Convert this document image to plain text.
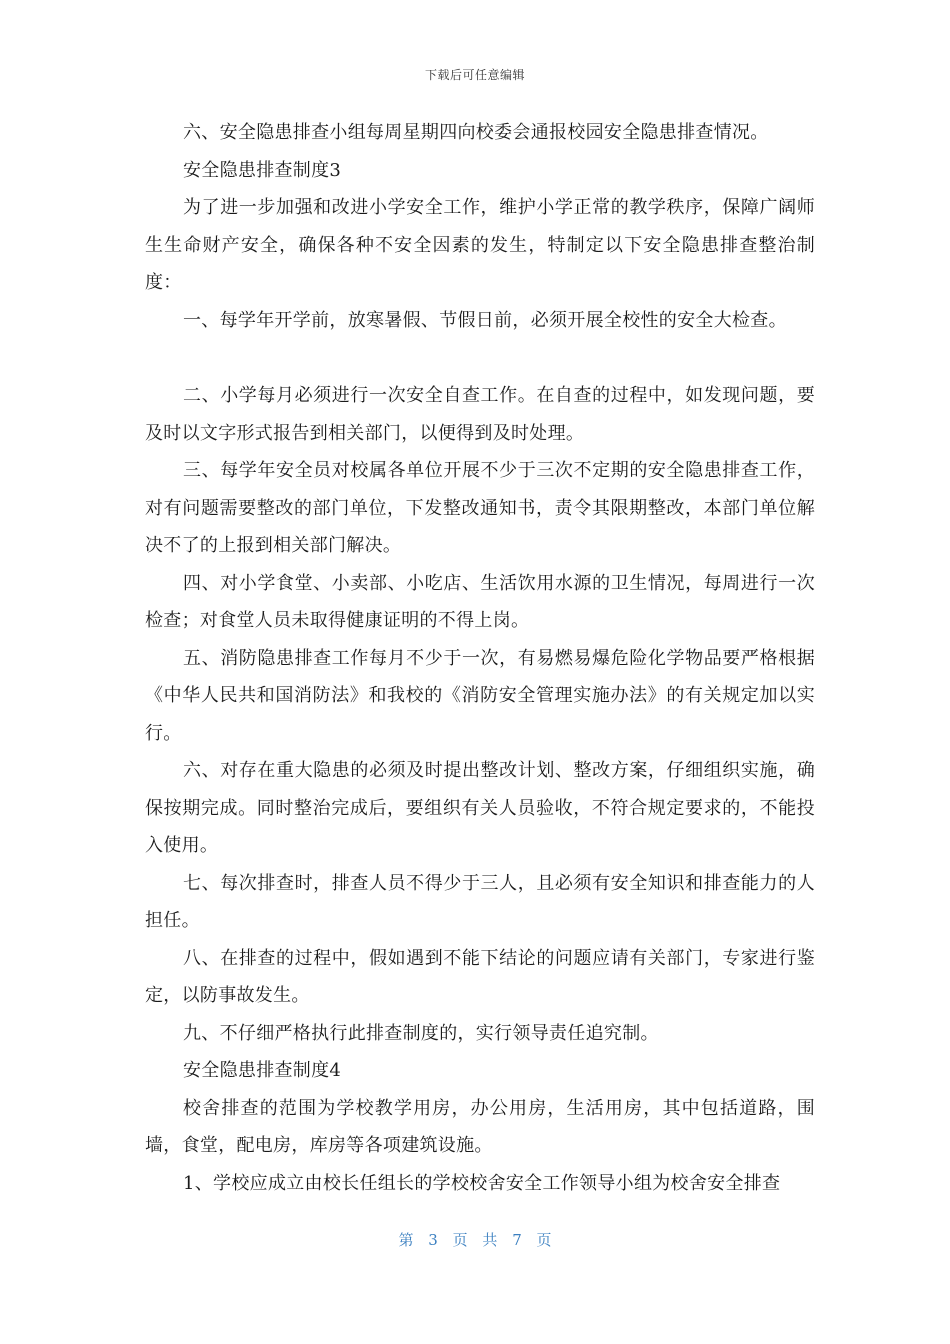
下载后可任意编辑

六、安全隐患排查小组每周星期四向校委会通报校园安全隐患排查情况。

安全隐患排查制度3

为了进一步加强和改进小学安全工作，维护小学正常的教学秩序，保障广阔师生生命财产安全，确保各种不安全因素的发生，特制定以下安全隐患排查整治制度：

一、每学年开学前，放寒暑假、节假日前，必须开展全校性的安全大检查。

二、小学每月必须进行一次安全自查工作。在自查的过程中，如发现问题，要及时以文字形式报告到相关部门，以便得到及时处理。

三、每学年安全员对校属各单位开展不少于三次不定期的安全隐患排查工作，对有问题需要整改的部门单位，下发整改通知书，责令其限期整改，本部门单位解决不了的上报到相关部门解决。

四、对小学食堂、小卖部、小吃店、生活饮用水源的卫生情况，每周进行一次检查；对食堂人员未取得健康证明的不得上岗。

五、消防隐患排查工作每月不少于一次，有易燃易爆危险化学物品要严格根据《中华人民共和国消防法》和我校的《消防安全管理实施办法》的有关规定加以实行。

六、对存在重大隐患的必须及时提出整改计划、整改方案，仔细组织实施，确保按期完成。同时整治完成后，要组织有关人员验收，不符合规定要求的，不能投入使用。

七、每次排查时，排查人员不得少于三人，且必须有安全知识和排查能力的人担任。

八、在排查的过程中，假如遇到不能下结论的问题应请有关部门，专家进行鉴定，以防事故发生。

九、不仔细严格执行此排查制度的，实行领导责任追究制。

安全隐患排查制度4

校舍排查的范围为学校教学用房，办公用房，生活用房，其中包括道路，围墙，食堂，配电房，库房等各项建筑设施。

1、学校应成立由校长任组长的学校校舍安全工作领导小组为校舍安全排查

第 3 页 共 7 页
